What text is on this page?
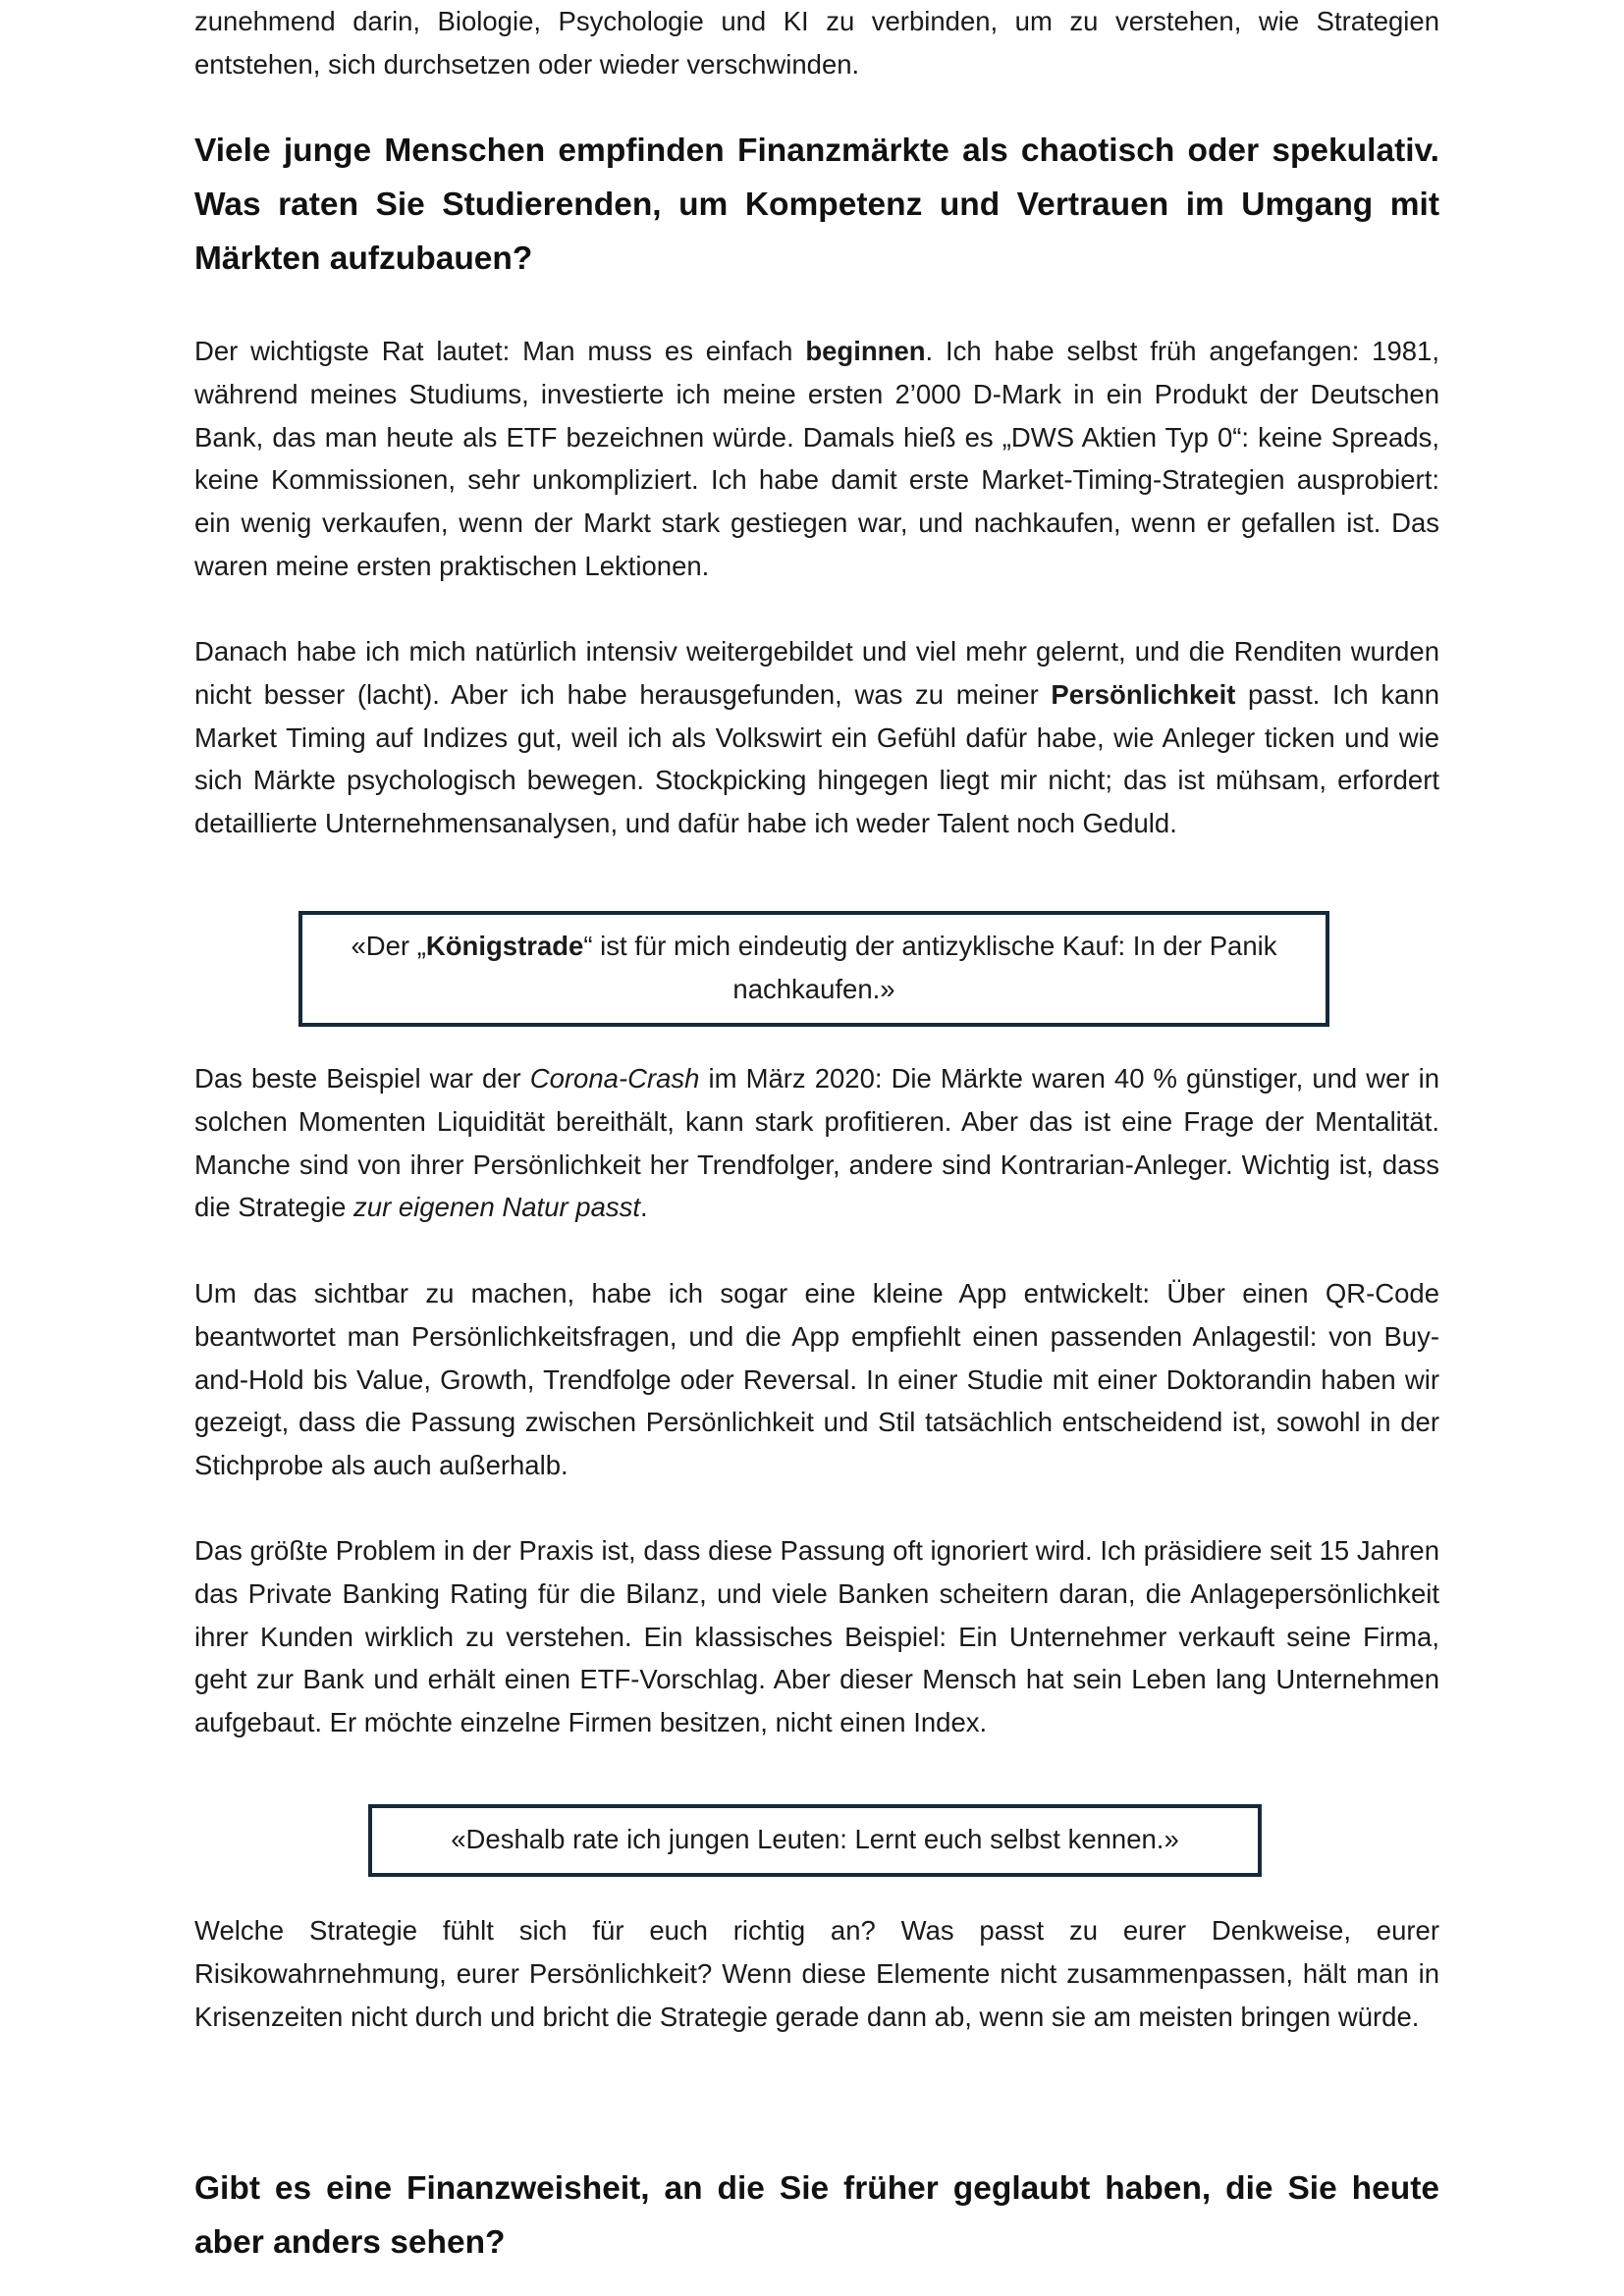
zunehmend darin, Biologie, Psychologie und KI zu verbinden, um zu verstehen, wie Strategien entstehen, sich durchsetzen oder wieder verschwinden.

Viele junge Menschen empfinden Finanzmärkte als chaotisch oder spekulativ. Was raten Sie Studierenden, um Kompetenz und Vertrauen im Umgang mit Märkten aufzubauen?

Der wichtigste Rat lautet: Man muss es einfach beginnen. Ich habe selbst früh angefangen: 1981, während meines Studiums, investierte ich meine ersten 2’000 D-Mark in ein Produkt der Deutschen Bank, das man heute als ETF bezeichnen würde. Damals hieß es „DWS Aktien Typ 0“: keine Spreads, keine Kommissionen, sehr unkompliziert. Ich habe damit erste Market-Timing-Strategien ausprobiert: ein wenig verkaufen, wenn der Markt stark gestiegen war, und nachkaufen, wenn er gefallen ist. Das waren meine ersten praktischen Lektionen.

Danach habe ich mich natürlich intensiv weitergebildet und viel mehr gelernt, und die Renditen wurden nicht besser (lacht). Aber ich habe herausgefunden, was zu meiner Persönlichkeit passt. Ich kann Market Timing auf Indizes gut, weil ich als Volkswirt ein Gefühl dafür habe, wie Anleger ticken und wie sich Märkte psychologisch bewegen. Stockpicking hingegen liegt mir nicht; das ist mühsam, erfordert detaillierte Unternehmensanalysen, und dafür habe ich weder Talent noch Geduld.

«Der „Königstrade“ ist für mich eindeutig der antizyklische Kauf: In der Panik nachkaufen.»

Das beste Beispiel war der Corona-Crash im März 2020: Die Märkte waren 40 % günstiger, und wer in solchen Momenten Liquidität bereithält, kann stark profitieren. Aber das ist eine Frage der Mentalität. Manche sind von ihrer Persönlichkeit her Trendfolger, andere sind Kontrarian-Anleger. Wichtig ist, dass die Strategie zur eigenen Natur passt.

Um das sichtbar zu machen, habe ich sogar eine kleine App entwickelt: Über einen QR-Code beantwortet man Persönlichkeitsfragen, und die App empfiehlt einen passenden Anlagestil: von Buy-and-Hold bis Value, Growth, Trendfolge oder Reversal. In einer Studie mit einer Doktorandin haben wir gezeigt, dass die Passung zwischen Persönlichkeit und Stil tatsächlich entscheidend ist, sowohl in der Stichprobe als auch außerhalb.

Das größte Problem in der Praxis ist, dass diese Passung oft ignoriert wird. Ich präsidiere seit 15 Jahren das Private Banking Rating für die Bilanz, und viele Banken scheitern daran, die Anlagepersönlichkeit ihrer Kunden wirklich zu verstehen. Ein klassisches Beispiel: Ein Unternehmer verkauft seine Firma, geht zur Bank und erhält einen ETF-Vorschlag. Aber dieser Mensch hat sein Leben lang Unternehmen aufgebaut. Er möchte einzelne Firmen besitzen, nicht einen Index.

«Deshalb rate ich jungen Leuten: Lernt euch selbst kennen.»

Welche Strategie fühlt sich für euch richtig an? Was passt zu eurer Denkweise, eurer Risikowahrnehmung, eurer Persönlichkeit? Wenn diese Elemente nicht zusammenpassen, hält man in Krisenzeiten nicht durch und bricht die Strategie gerade dann ab, wenn sie am meisten bringen würde.

Gibt es eine Finanzweisheit, an die Sie früher geglaubt haben, die Sie heute aber anders sehen?
